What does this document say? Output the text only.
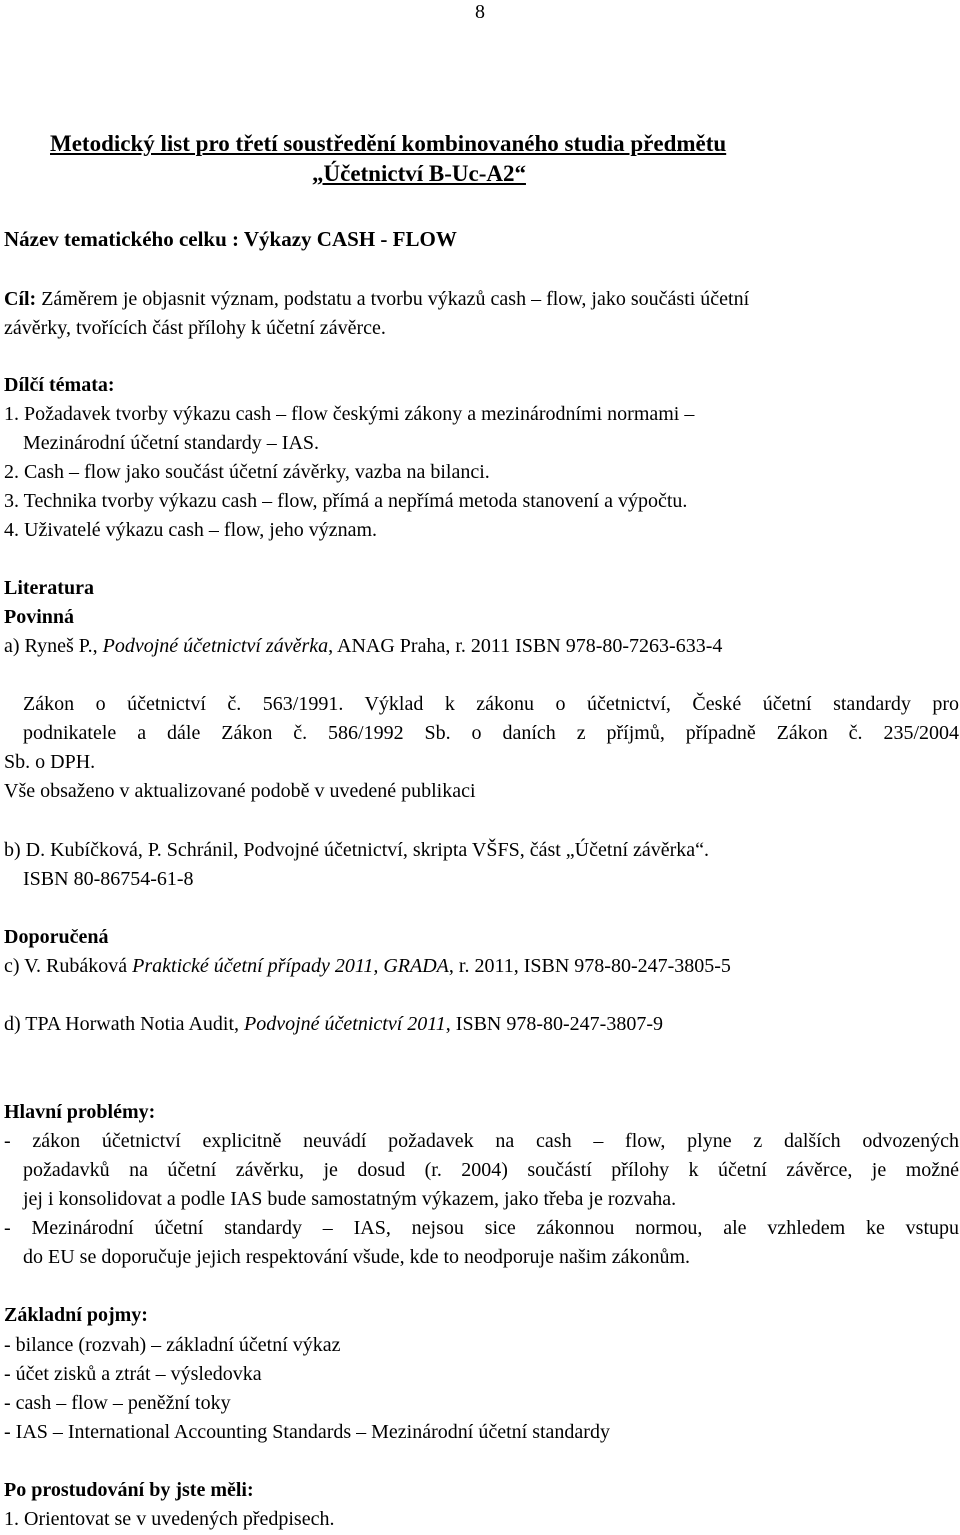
8
Metodický list pro třetí soustředění kombinovaného studia předmětu
„Účetnictví B-Uc-A2“
Název tematického celku : Výkazy CASH - FLOW
Cíl: Záměrem je objasnit význam, podstatu a tvorbu výkazů cash – flow, jako součásti účetní
závěrky, tvořících část přílohy k účetní závěrce.
Dílčí témata:
1. Požadavek tvorby výkazu cash – flow českými zákony a mezinárodními normami –
Mezinárodní účetní standardy – IAS.
2. Cash – flow jako součást účetní závěrky, vazba na bilanci.
3. Technika tvorby výkazu cash – flow, přímá a nepřímá metoda stanovení a výpočtu.
4. Uživatelé výkazu cash – flow, jeho význam.
Literatura
Povinná
a) Ryneš P., Podvojné účetnictví závěrka, ANAG Praha, r. 2011 ISBN 978-80-7263-633-4
Zákon o účetnictví č. 563/1991. Výklad k zákonu o účetnictví, České účetní standardy pro
podnikatele a dále Zákon č. 586/1992 Sb. o daních z příjmů, případně Zákon č. 235/2004
Sb. o DPH.
Vše obsaženo v aktualizované podobě v uvedené publikaci
b) D. Kubíčková, P. Schránil, Podvojné účetnictví, skripta VŠFS, část „Účetní závěrka“.
ISBN 80-86754-61-8
Doporučená
c) V. Rubáková Praktické účetní případy 2011, GRADA, r. 2011, ISBN 978-80-247-3805-5
d) TPA Horwath Notia Audit, Podvojné účetnictví 2011, ISBN 978-80-247-3807-9
Hlavní problémy:
- zákon účetnictví explicitně neuvádí požadavek na cash – flow, plyne z dalších odvozených
požadavků na účetní závěrku, je dosud (r. 2004) součástí přílohy k účetní závěrce, je možné
jej i konsolidovat a podle IAS bude samostatným výkazem, jako třeba je rozvaha.
- Mezinárodní účetní standardy – IAS, nejsou sice zákonnou normou, ale vzhledem ke vstupu
do EU se doporučuje jejich respektování všude, kde to neodporuje našim zákonům.
Základní pojmy:
- bilance (rozvah) – základní účetní výkaz
- účet zisků a ztrát – výsledovka
- cash – flow – peněžní toky
- IAS – International Accounting Standards – Mezinárodní účetní standardy
Po prostudování by jste měli:
1. Orientovat se v uvedených předpisech.
